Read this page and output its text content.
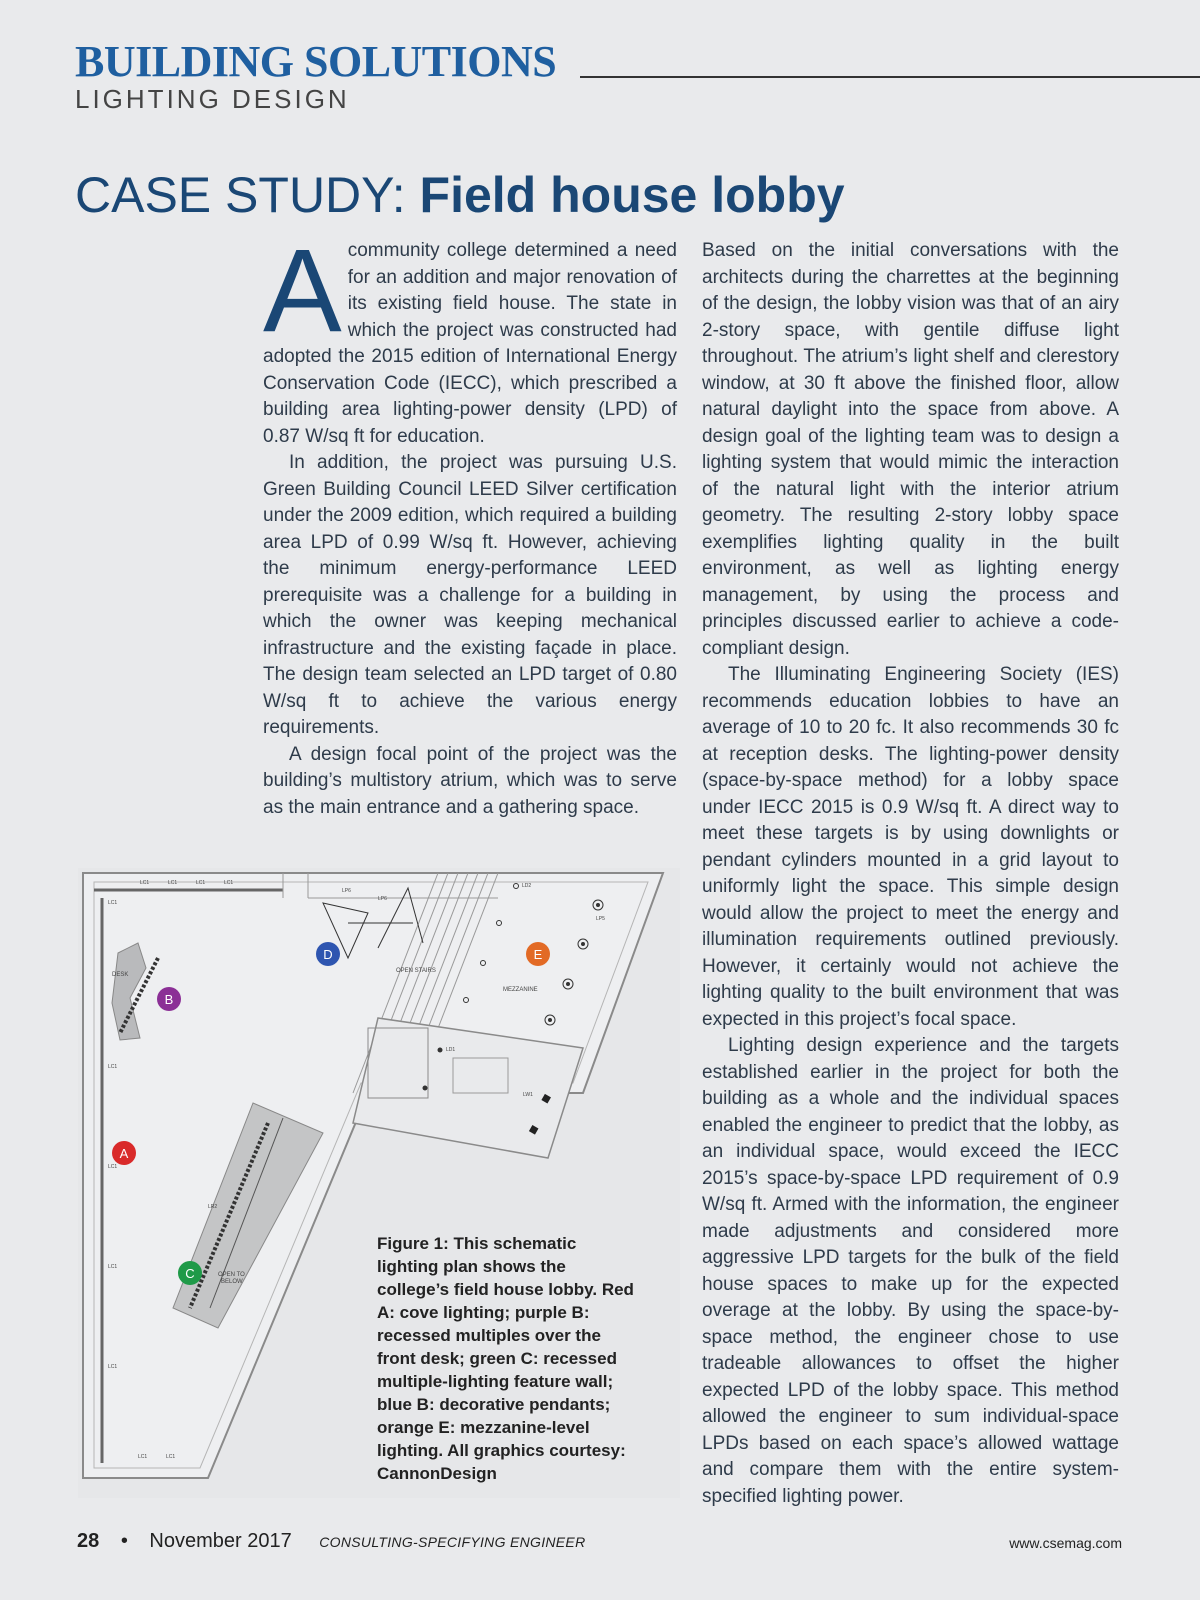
BUILDING SOLUTIONS
LIGHTING DESIGN
CASE STUDY: Field house lobby

Acommunity college determined a need for an addition and major renovation of its existing field house. The state in which the project was constructed had adopted the 2015 edition of International Energy Conservation Code (IECC), which prescribed a building area lighting-power density (LPD) of 0.87 W/sq ft for education.

In addition, the project was pursuing U.S. Green Building Council LEED Silver certification under the 2009 edition, which required a building area LPD of 0.99 W/sq ft. However, achieving the minimum energy-performance LEED prerequisite was a challenge for a building in which the owner was keeping mechanical infrastructure and the existing façade in place. The design team selected an LPD target of 0.80 W/sq ft to achieve the various energy requirements.

A design focal point of the project was the building’s multistory atrium, which was to serve as the main entrance and a gathering space.

Based on the initial conversations with the architects during the charrettes at the beginning of the design, the lobby vision was that of an airy 2-story space, with gentile diffuse light throughout. The atrium’s light shelf and clerestory window, at 30 ft above the finished floor, allow natural daylight into the space from above. A design goal of the lighting team was to design a lighting system that would mimic the interaction of the natural light with the interior atrium geometry. The resulting 2-story lobby space exemplifies lighting quality in the built environment, as well as lighting energy management, by using the process and principles discussed earlier to achieve a code-compliant design.

The Illuminating Engineering Society (IES) recommends education lobbies to have an average of 10 to 20 fc. It also recommends 30 fc at reception desks. The lighting-power density (space-by-space method) for a lobby space under IECC 2015 is 0.9 W/sq ft. A direct way to meet these targets is by using downlights or pendant cylinders mounted in a grid layout to uniformly light the space. This simple design would allow the project to meet the energy and illumination requirements outlined previously. However, it certainly would not achieve the lighting quality to the built environment that was expected in this project’s focal space.

Lighting design experience and the targets established earlier in the project for both the building as a whole and the individual spaces enabled the engineer to predict that the lobby, as an individual space, would exceed the IECC 2015’s space-by-space LPD requirement of 0.9 W/sq ft. Armed with the information, the engineer made adjustments and considered more aggressive LPD targets for the bulk of the field house spaces to make up for the expected overage at the lobby. By using the space-by-space method, the engineer chose to use tradeable allowances to offset the higher expected LPD of the lobby space. This method allowed the engineer to sum individual-space LPDs based on each space’s allowed wattage and compare them with the entire system-specified lighting power.

DESK
OPEN STAIRS
MEZZANINE
LP6
LP6
LD2
LD1
LP5
LW1
OPEN TO
BELOW
LR2
LC1
LC1	LC1	LC1	LC1
LC1
LC1
LC1
LC1
LC1	LC1
A
B
C
D	E
Figure 1: This schematic lighting plan shows the college’s field house lobby. Red A: cove lighting; purple B: recessed multiples over the front desk; green C: recessed multiple-lighting feature wall; blue B: decorative pendants; orange E: mezzanine-level lighting. All graphics courtesy: CannonDesign
28 • November 2017 CONSULTING-SPECIFYING ENGINEER	www.csemag.com
